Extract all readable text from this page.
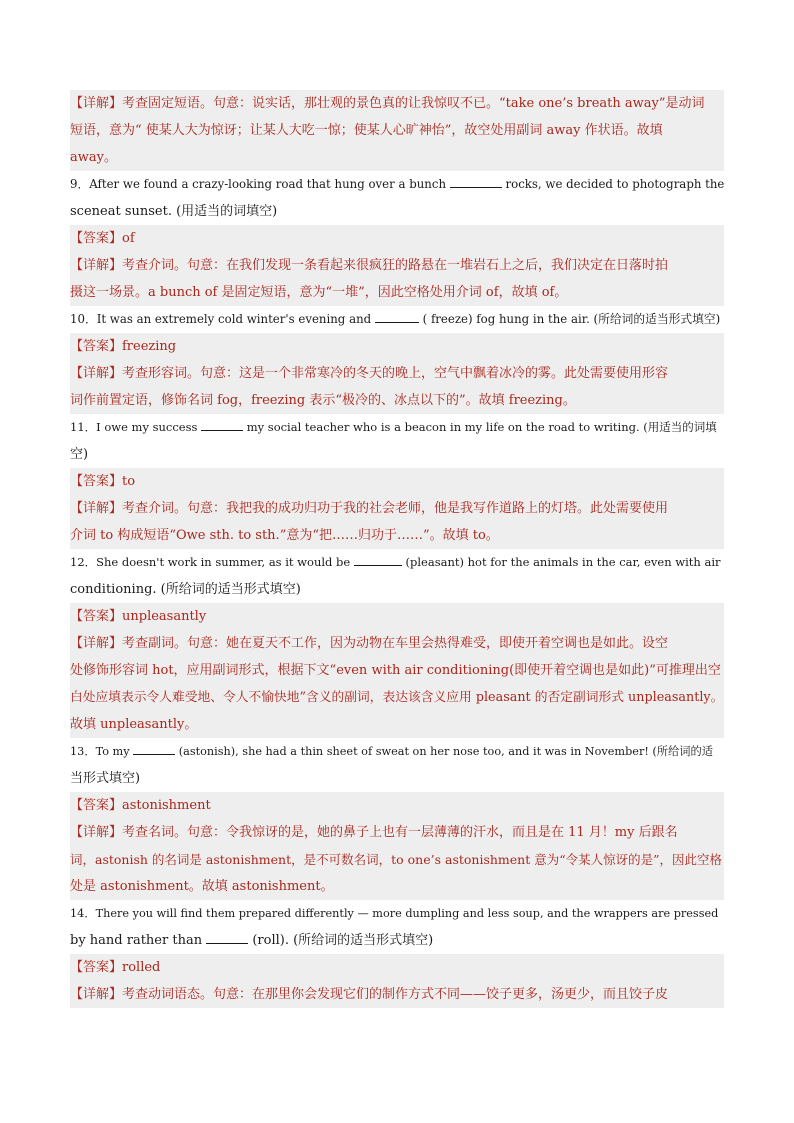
【详解】考查固定短语。句意：说实话，那壮观的景色真的让我惊叹不已。“take one’s breath away”是动词
短语，意为“ 使某人大为惊讶；让某人大吃一惊；使某人心旷神怡”，故空处用副词 away 作状语。故填
away。
9．After we found a crazy-looking road that hung over a bunch	rocks, we decided to photograph the
sceneat sunset. (用适当的词填空)
【答案】of
【详解】考查介词。句意：在我们发现一条看起来很疯狂的路悬在一堆岩石上之后，我们决定在日落时拍
摄这一场景。a bunch of 是固定短语，意为“一堆”，因此空格处用介词 of，故填 of。
10．It was an extremely cold winter's evening and	( freeze) fog hung in the air. (所给词的适当形式填空)
【答案】freezing
【详解】考查形容词。句意：这是一个非常寒冷的冬天的晚上，空气中飘着冰冷的雾。此处需要使用形容
词作前置定语，修饰名词 fog，freezing 表示“极冷的、冰点以下的”。故填 freezing。
11．I owe my success	my social teacher who is a beacon in my life on the road to writing. (用适当的词填
空)
【答案】to
【详解】考查介词。句意：我把我的成功归功于我的社会老师，他是我写作道路上的灯塔。此处需要使用
介词 to 构成短语“Owe sth. to sth.”意为“把……归功于……”。故填 to。
12．She doesn't work in summer, as it would be	(pleasant) hot for the animals in the car, even with air
conditioning. (所给词的适当形式填空)
【答案】unpleasantly
【详解】考查副词。句意：她在夏天不工作，因为动物在车里会热得难受，即使开着空调也是如此。设空
处修饰形容词 hot，应用副词形式，根据下文“even with air conditioning(即使开着空调也是如此)”可推理出空
白处应填表示令人难受地、令人不愉快地”含义的副词，表达该含义应用 pleasant 的否定副词形式 unpleasantly。
故填 unpleasantly。
13．To my	(astonish), she had a thin sheet of sweat on her nose too, and it was in November! (所给词的适
当形式填空)
【答案】astonishment
【详解】考查名词。句意：令我惊讶的是，她的鼻子上也有一层薄薄的汗水，而且是在 11 月！my 后跟名
词，astonish 的名词是 astonishment，是不可数名词，to one’s astonishment 意为“令某人惊讶的是”，因此空格
处是 astonishment。故填 astonishment。
14．There you will find them prepared differently — more dumpling and less soup, and the wrappers are pressed
by hand rather than	(roll). (所给词的适当形式填空)
【答案】rolled
【详解】考查动词语态。句意：在那里你会发现它们的制作方式不同——饺子更多，汤更少，而且饺子皮
